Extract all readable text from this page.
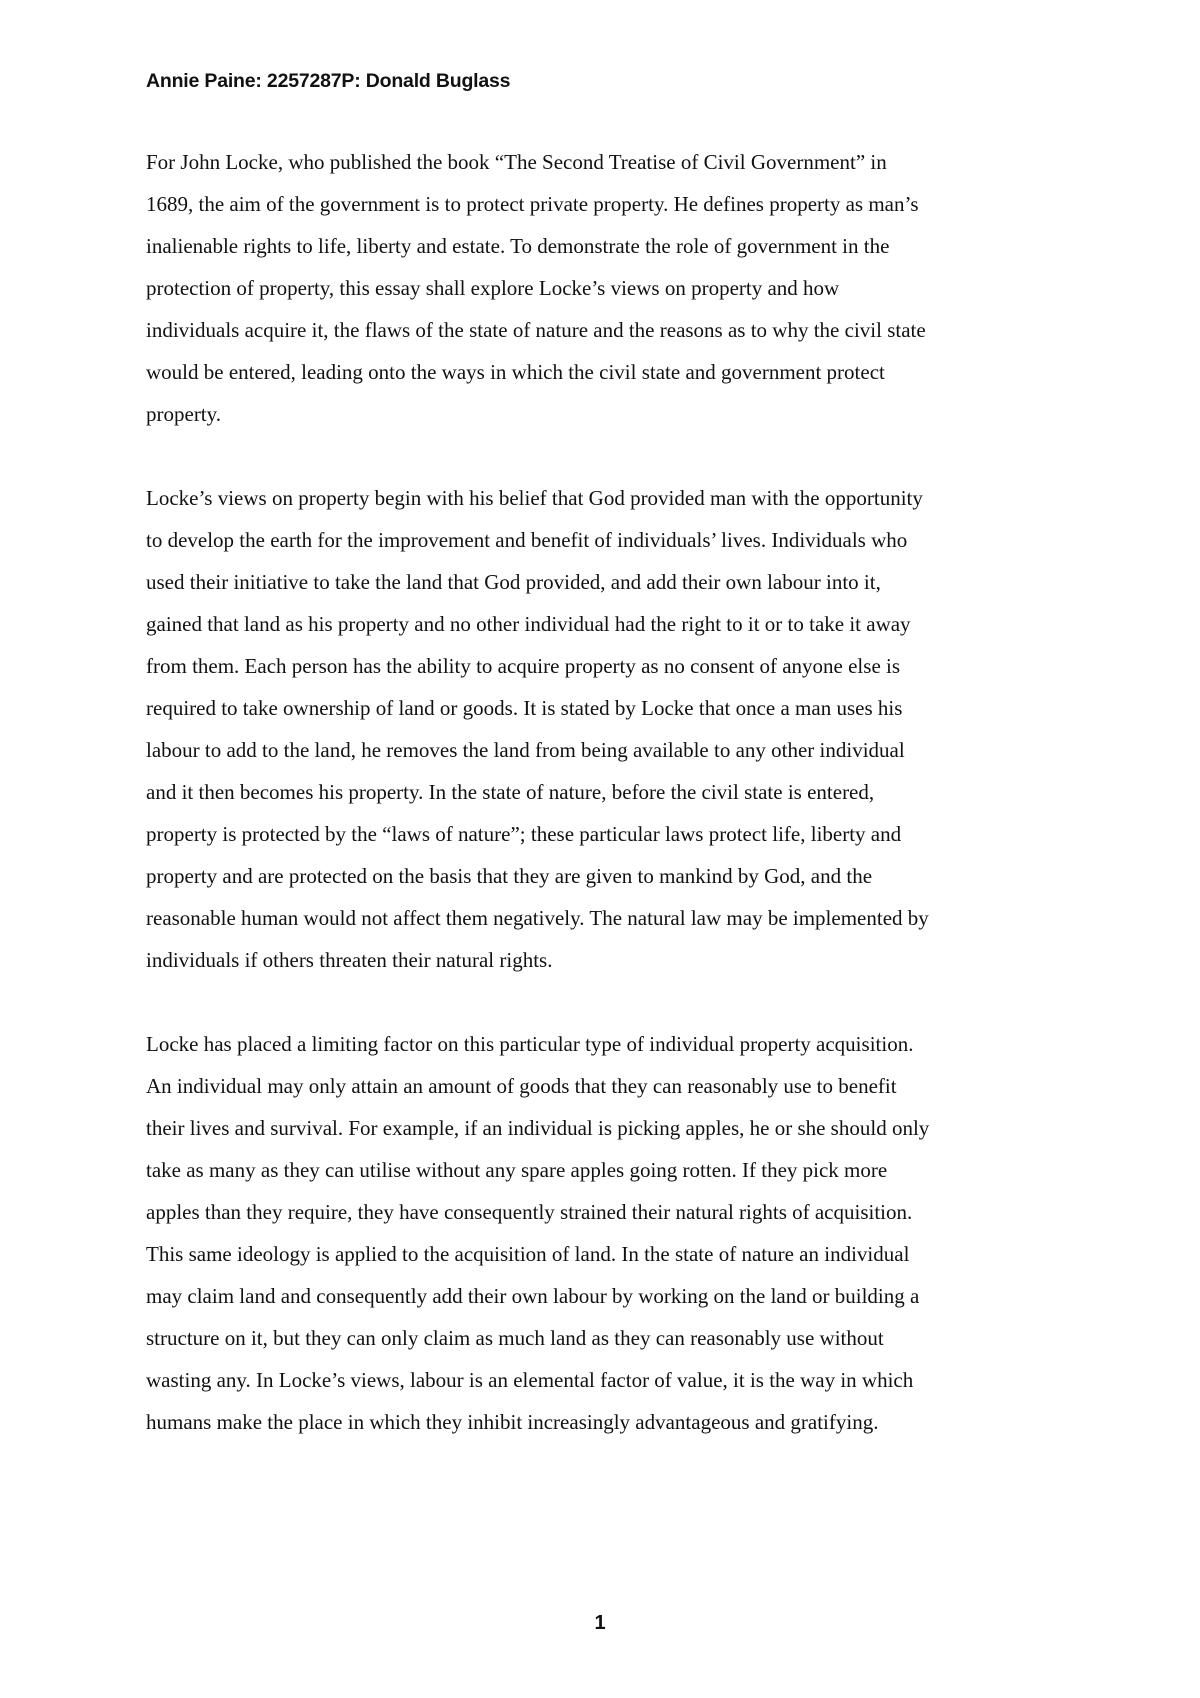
Annie Paine: 2257287P: Donald Buglass

For John Locke, who published the book “The Second Treatise of Civil Government” in
1689, the aim of the government is to protect private property. He defines property as man’s
inalienable rights to life, liberty and estate. To demonstrate the role of government in the
protection of property, this essay shall explore Locke’s views on property and how
individuals acquire it, the flaws of the state of nature and the reasons as to why the civil state
would be entered, leading onto the ways in which the civil state and government protect
property.

Locke’s views on property begin with his belief that God provided man with the opportunity
to develop the earth for the improvement and benefit of individuals’ lives. Individuals who
used their initiative to take the land that God provided, and add their own labour into it,
gained that land as his property and no other individual had the right to it or to take it away
from them. Each person has the ability to acquire property as no consent of anyone else is
required to take ownership of land or goods. It is stated by Locke that once a man uses his
labour to add to the land, he removes the land from being available to any other individual
and it then becomes his property. In the state of nature, before the civil state is entered,
property is protected by the “laws of nature”; these particular laws protect life, liberty and
property and are protected on the basis that they are given to mankind by God, and the
reasonable human would not affect them negatively. The natural law may be implemented by
individuals if others threaten their natural rights.

Locke has placed a limiting factor on this particular type of individual property acquisition.
An individual may only attain an amount of goods that they can reasonably use to benefit
their lives and survival. For example, if an individual is picking apples, he or she should only
take as many as they can utilise without any spare apples going rotten. If they pick more
apples than they require, they have consequently strained their natural rights of acquisition.
This same ideology is applied to the acquisition of land. In the state of nature an individual
may claim land and consequently add their own labour by working on the land or building a
structure on it, but they can only claim as much land as they can reasonably use without
wasting any. In Locke’s views, labour is an elemental factor of value, it is the way in which
humans make the place in which they inhibit increasingly advantageous and gratifying.

1
